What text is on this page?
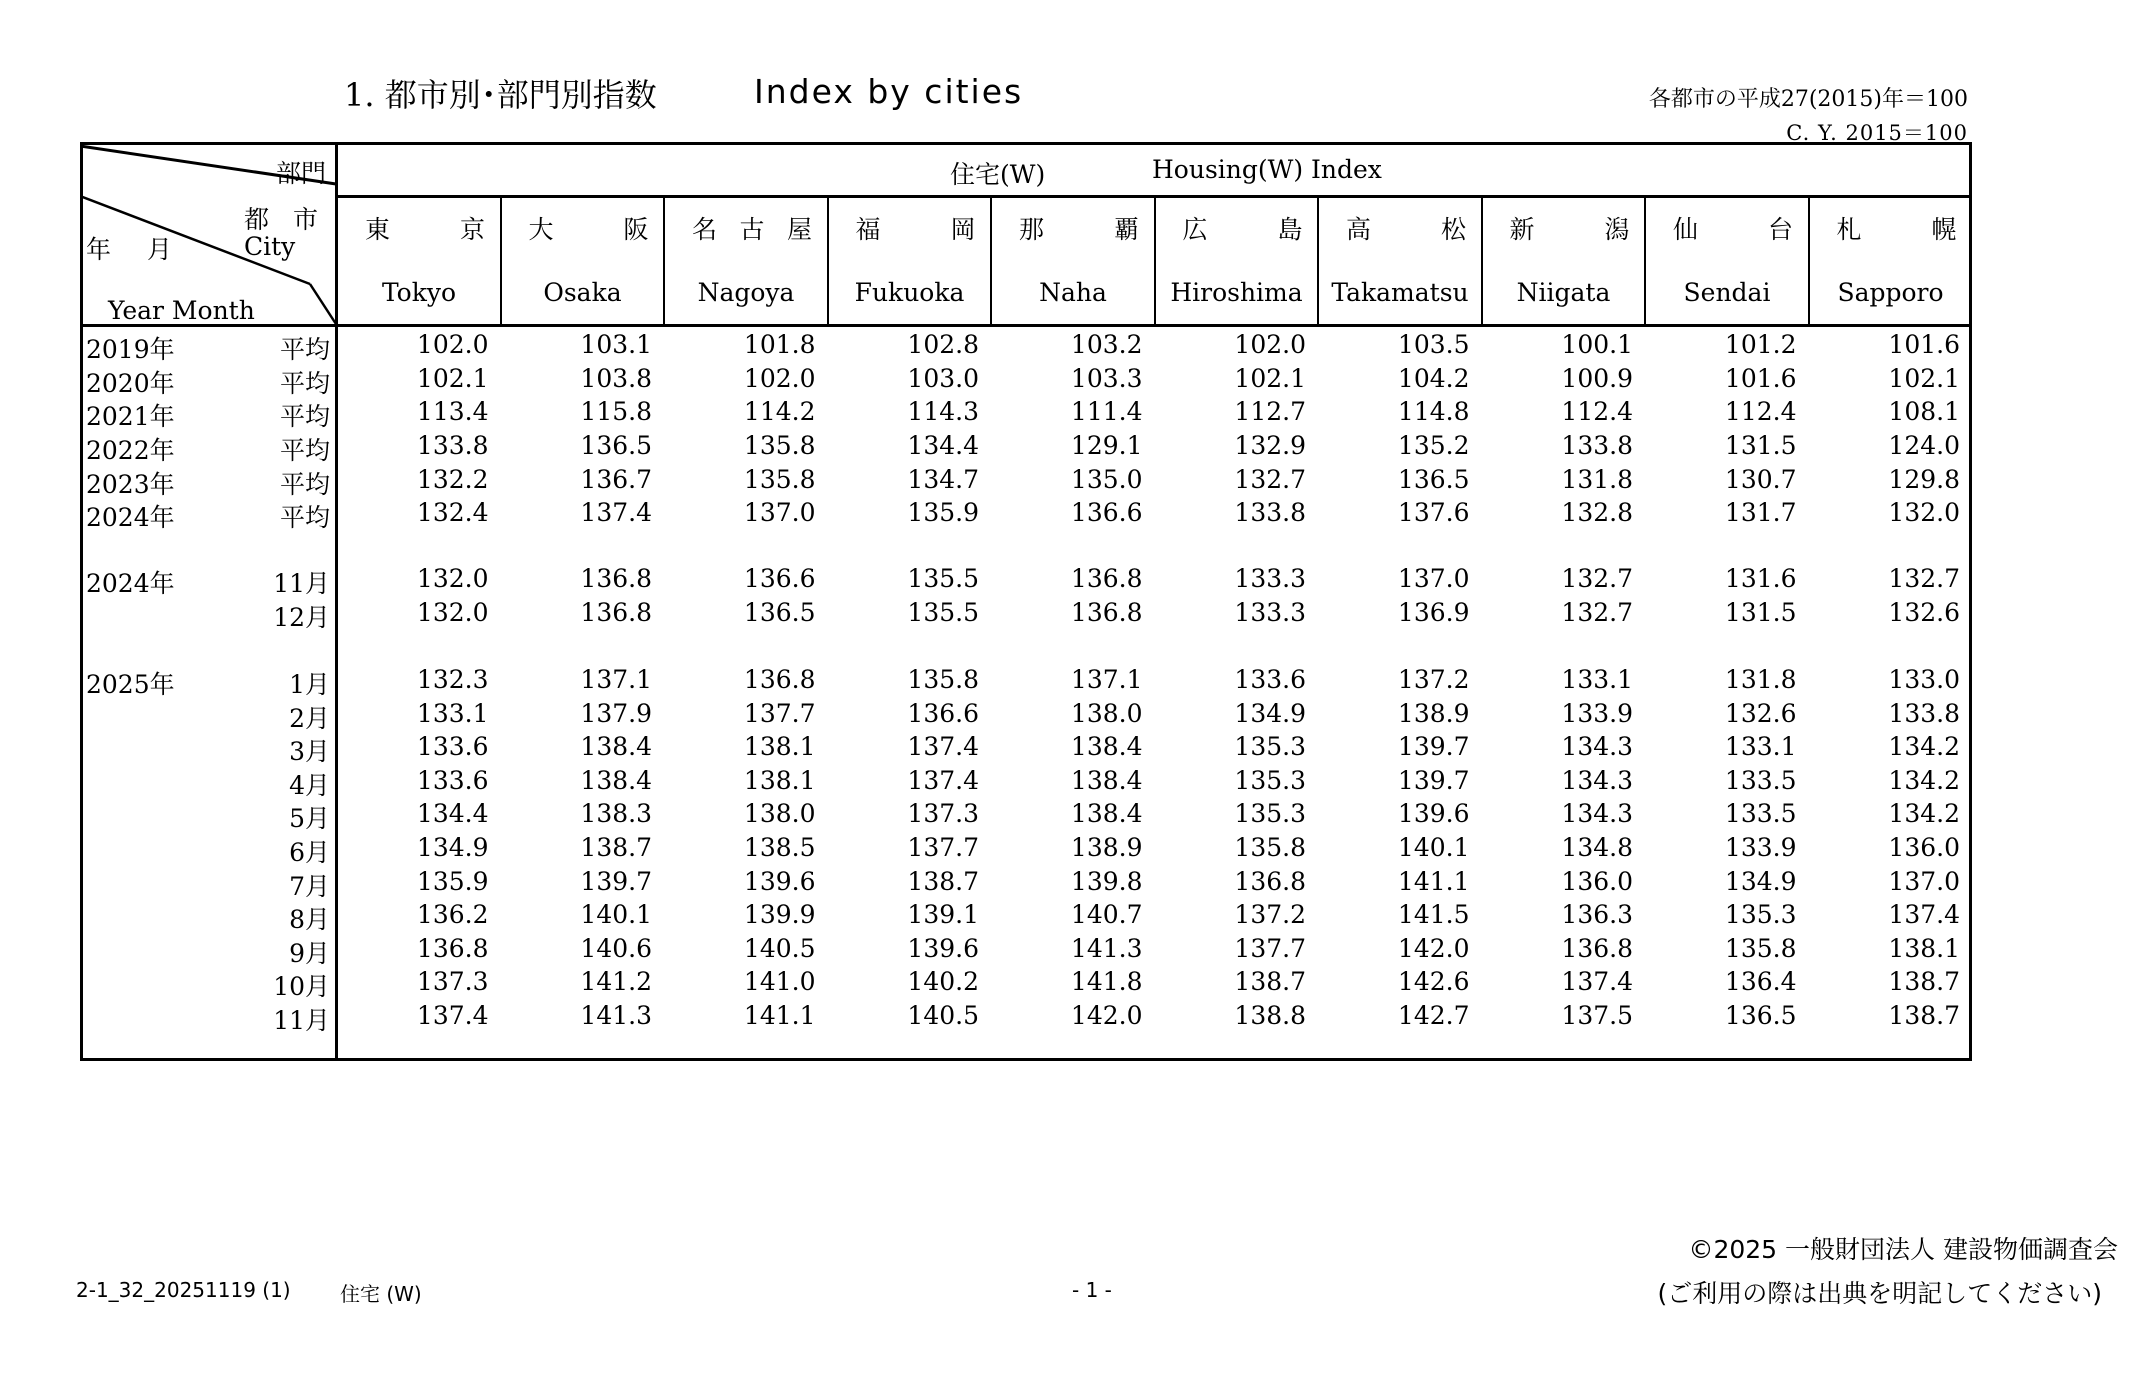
1. 都市別･部門別指数	Index by cities	各都市の平成27(2015)年＝100
C. Y. 2015＝100
部門
都 市
City
年 月
Year Month
住宅(W)	Housing(W) Index
東	京
Tokyo
大	阪
Osaka
名 古 屋
Nagoya
福	岡
Fukuoka
那	覇
Naha
広	島
Hiroshima
高	松
Takamatsu
新	潟
Niigata
仙	台
Sendai
札	幌
Sapporo
2019年	平均	102.0	103.1	101.8	102.8	103.2	102.0	103.5	100.1	101.2	101.6
2020年	平均	102.1	103.8	102.0	103.0	103.3	102.1	104.2	100.9	101.6	102.1
2021年	平均	113.4	115.8	114.2	114.3	111.4	112.7	114.8	112.4	112.4	108.1
2022年	平均	133.8	136.5	135.8	134.4	129.1	132.9	135.2	133.8	131.5	124.0
2023年	平均	132.2	136.7	135.8	134.7	135.0	132.7	136.5	131.8	130.7	129.8
2024年	平均	132.4	137.4	137.0	135.9	136.6	133.8	137.6	132.8	131.7	132.0
2024年	11月	132.0	136.8	136.6	135.5	136.8	133.3	137.0	132.7	131.6	132.7
12月	132.0	136.8	136.5	135.5	136.8	133.3	136.9	132.7	131.5	132.6
2025年	1月	132.3	137.1	136.8	135.8	137.1	133.6	137.2	133.1	131.8	133.0
2月	133.1	137.9	137.7	136.6	138.0	134.9	138.9	133.9	132.6	133.8
3月	133.6	138.4	138.1	137.4	138.4	135.3	139.7	134.3	133.1	134.2
4月	133.6	138.4	138.1	137.4	138.4	135.3	139.7	134.3	133.5	134.2
5月	134.4	138.3	138.0	137.3	138.4	135.3	139.6	134.3	133.5	134.2
6月	134.9	138.7	138.5	137.7	138.9	135.8	140.1	134.8	133.9	136.0
7月	135.9	139.7	139.6	138.7	139.8	136.8	141.1	136.0	134.9	137.0
8月	136.2	140.1	139.9	139.1	140.7	137.2	141.5	136.3	135.3	137.4
9月	136.8	140.6	140.5	139.6	141.3	137.7	142.0	136.8	135.8	138.1
10月	137.3	141.2	141.0	140.2	141.8	138.7	142.6	137.4	136.4	138.7
11月	137.4	141.3	141.1	140.5	142.0	138.8	142.7	137.5	136.5	138.7
2-1_32_20251119 (1) 住宅 (W)	- 1 -
©2025 一般財団法人 建設物価調査会
(ご利用の際は出典を明記してください)
